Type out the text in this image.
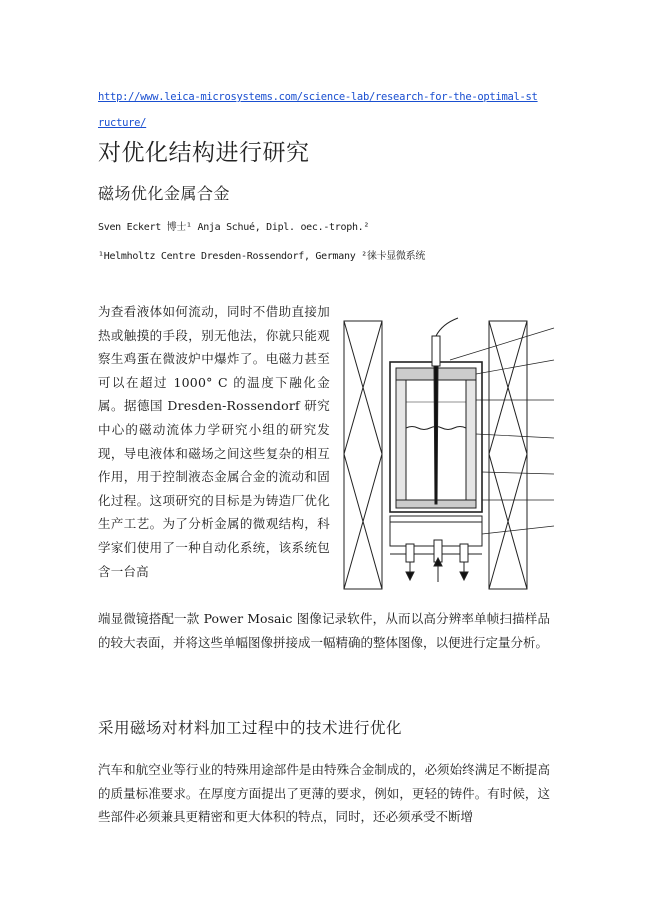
http://www.leica-microsystems.com/science-lab/research-for-the-optimal-structure/
对优化结构进行研究
磁场优化金属合金
Sven Eckert 博士¹ Anja Schué, Dipl. oec.-troph.²
¹Helmholtz Centre Dresden-Rossendorf, Germany ²徕卡显微系统

为查看液体如何流动，同时不借助直接加热或触摸的手段，别无他法，你就只能观察生鸡蛋在微波炉中爆炸了。电磁力甚至可以在超过 1000° C 的温度下融化金属。据德国 Dresden-Rossendorf 研究中心的磁动流体力学研究小组的研究发现，导电液体和磁场之间这些复杂的相互作用，用于控制液态金属合金的流动和固化过程。这项研究的目标是为铸造厂优化生产工艺。为了分析金属的微观结构，科学家们使用了一种自动化系统，该系统包含一台高

端显微镜搭配一款 Power Mosaic 图像记录软件，从而以高分辨率单帧扫描样品的较大表面，并将这些单幅图像拼接成一幅精确的整体图像，以便进行定量分析。

采用磁场对材料加工过程中的技术进行优化

汽车和航空业等行业的特殊用途部件是由特殊合金制成的，必须始终满足不断提高的质量标准要求。在厚度方面提出了更薄的要求，例如，更轻的铸件。有时候，这些部件必须兼具更精密和更大体积的特点，同时，还必须承受不断增
